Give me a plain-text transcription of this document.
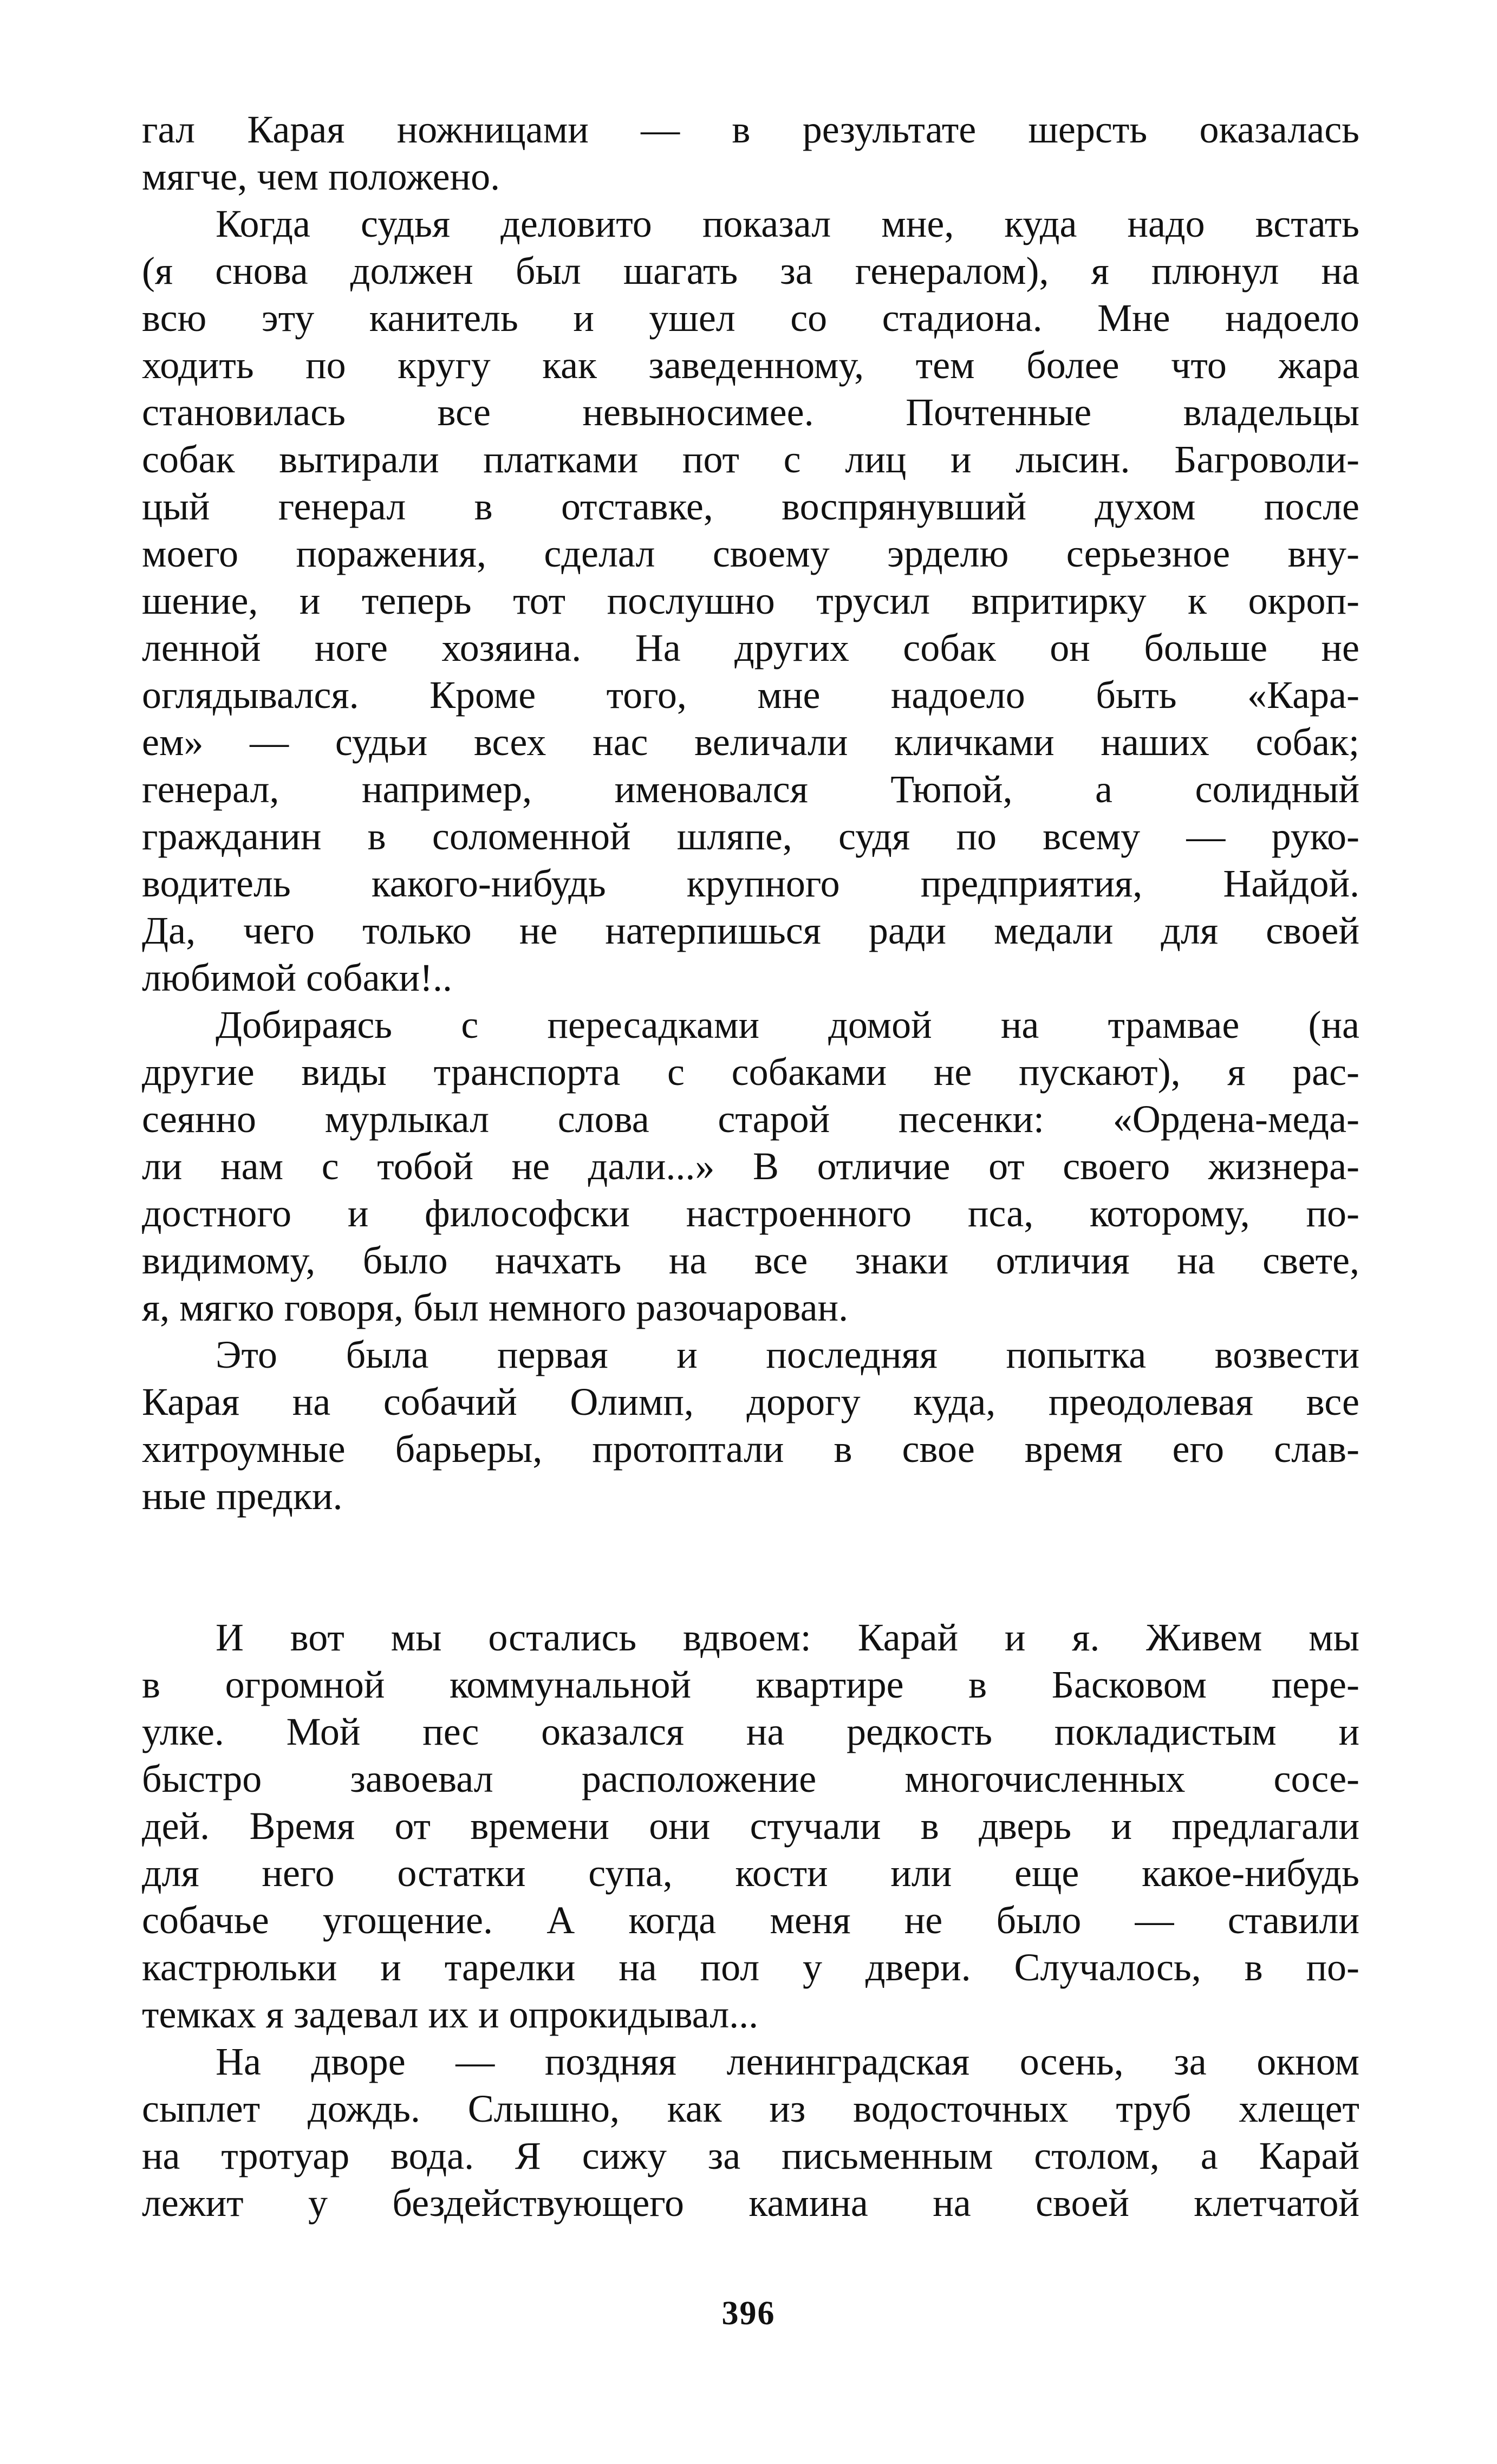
гал Карая ножницами — в результате шерсть оказалась
мягче, чем положено.

Когда судья деловито показал мне, куда надо встать
(я снова должен был шагать за генералом), я плюнул на
всю эту канитель и ушел со стадиона. Мне надоело
ходить по кругу как заведенному, тем более что жара
становилась все невыносимее. Почтенные владельцы
собак вытирали платками пот с лиц и лысин. Багроволи-
цый генерал в отставке, воспрянувший духом после
моего поражения, сделал своему эрделю серьезное вну-
шение, и теперь тот послушно трусил впритирку к окроп-
ленной ноге хозяина. На других собак он больше не
оглядывался. Кроме того, мне надоело быть «Кара-
ем» — судьи всех нас величали кличками наших собак;
генерал, например, именовался Тюпой, а солидный
гражданин в соломенной шляпе, судя по всему — руко-
водитель какого-нибудь крупного предприятия, Найдой.
Да, чего только не натерпишься ради медали для своей
любимой собаки!..

Добираясь с пересадками домой на трамвае (на
другие виды транспорта с собаками не пускают), я рас-
сеянно мурлыкал слова старой песенки: «Ордена-меда-
ли нам с тобой не дали...» В отличие от своего жизнера-
достного и философски настроенного пса, которому, по-
видимому, было начхать на все знаки отличия на свете,
я, мягко говоря, был немного разочарован.

Это была первая и последняя попытка возвести
Карая на собачий Олимп, дорогу куда, преодолевая все
хитроумные барьеры, протоптали в свое время его слав-
ные предки.

И вот мы остались вдвоем: Карай и я. Живем мы
в огромной коммунальной квартире в Басковом пере-
улке. Мой пес оказался на редкость покладистым и
быстро завоевал расположение многочисленных сосе-
дей. Время от времени они стучали в дверь и предлагали
для него остатки супа, кости или еще какое-нибудь
собачье угощение. А когда меня не было — ставили
кастрюльки и тарелки на пол у двери. Случалось, в по-
темках я задевал их и опрокидывал...

На дворе — поздняя ленинградская осень, за окном
сыплет дождь. Слышно, как из водосточных труб хлещет
на тротуар вода. Я сижу за письменным столом, а Карай
лежит у бездействующего камина на своей клетчатой

396
